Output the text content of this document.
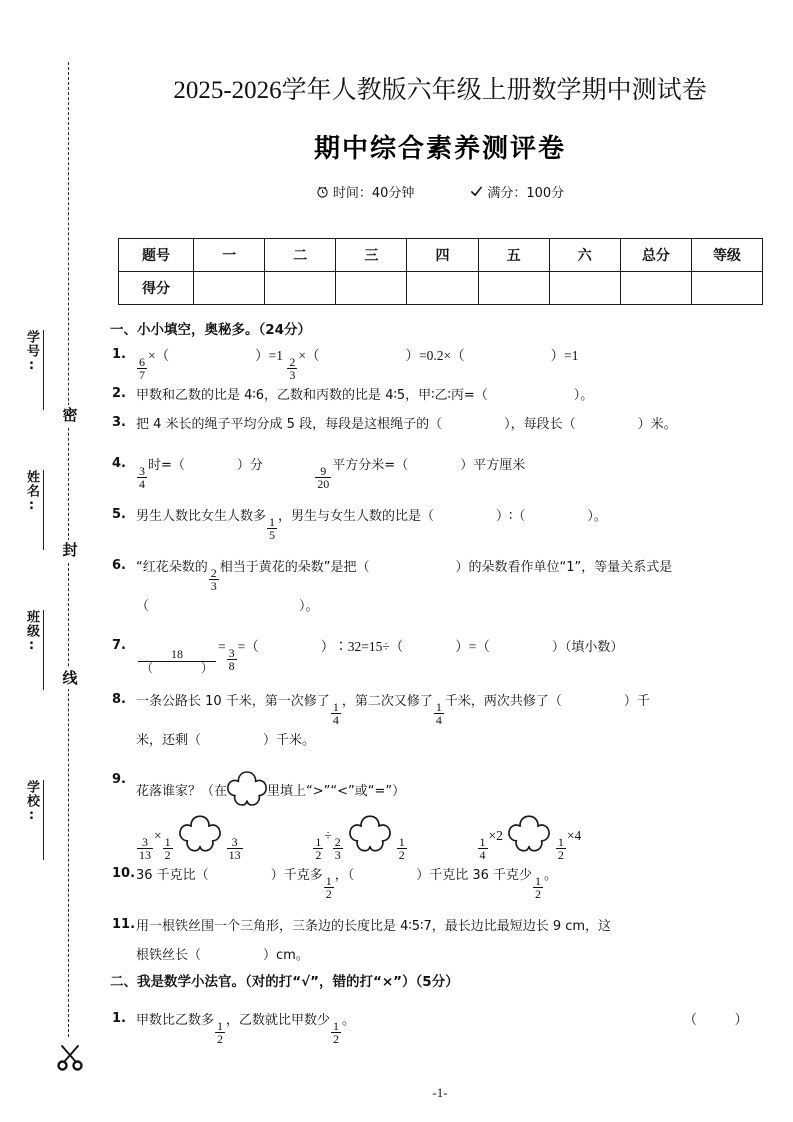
密
封
线
学号:
姓名:
班级:
学校:
2025-2026学年人教版六年级上册数学期中测试卷
期中综合素养测评卷
时间：40分钟	满分：100分
题号	一	二	三	四	五	六	总分	等级
得分								
一、小小填空，奥秘多。（24分）
1.
$\frac{6}{7}$
×（	）=1
$\frac{2}{3}$
×（	）=0.2×（	）=1
2. 甲数和乙数的比是 4∶6，乙数和丙数的比是 4∶5，甲∶乙∶丙=（	）。
3. 把 4 米长的绳子平均分成 5 段，每段是这根绳子的（	），每段长（	）米。
4.
$\frac{3}{4}$ 时=（	）分	$\frac{9}{20}$ 平方分米=（	）平方厘米
5. 男生人数比女生人数多 $\frac{1}{5}$ ，男生与女生人数的比是（	）∶（	）。
6. “红花朵数的 $\frac{2}{3}$ 相当于黄花的朵数”是把（	）的朵数看作单位“1”，等量关系式是
（	）。
7.
$\frac{18}{( )}$
=
$\frac{3}{8}$
=（	）∶32=15÷（	）=（	）（填小数）
8. 一条公路长 10 千米，第一次修了 $\frac{1}{4}$ ，第二次又修了 $\frac{1}{4}$ 千米，两次共修了（	）千
米，还剩（	）千米。
9.
花落谁家？（在	里填上“>”“<”或“=”）
$\frac{3}{13}$
×
$\frac{1}{2}$	$\frac{3}{13}$
	$\frac{1}{2}$
÷
$\frac{2}{3}$	$\frac{1}{2}$
	$\frac{1}{4}$
×2
$\frac{1}{2}$
×4
10. 36 千克比（	）千克多 $\frac{1}{2}$ ，（	）千克比 36 千克少 $\frac{1}{2}$ 。
11. 用一根铁丝围一个三角形，三条边的长度比是 4∶5∶7，最长边比最短边长 9 cm，这
根铁丝长（	）cm。
二、我是数学小法官。（对的打“√”，错的打“×”）（5分）
1. 甲数比乙数多 $\frac{1}{2}$ ，乙数就比甲数少 $\frac{1}{2}$ 。	（　）
-1-
